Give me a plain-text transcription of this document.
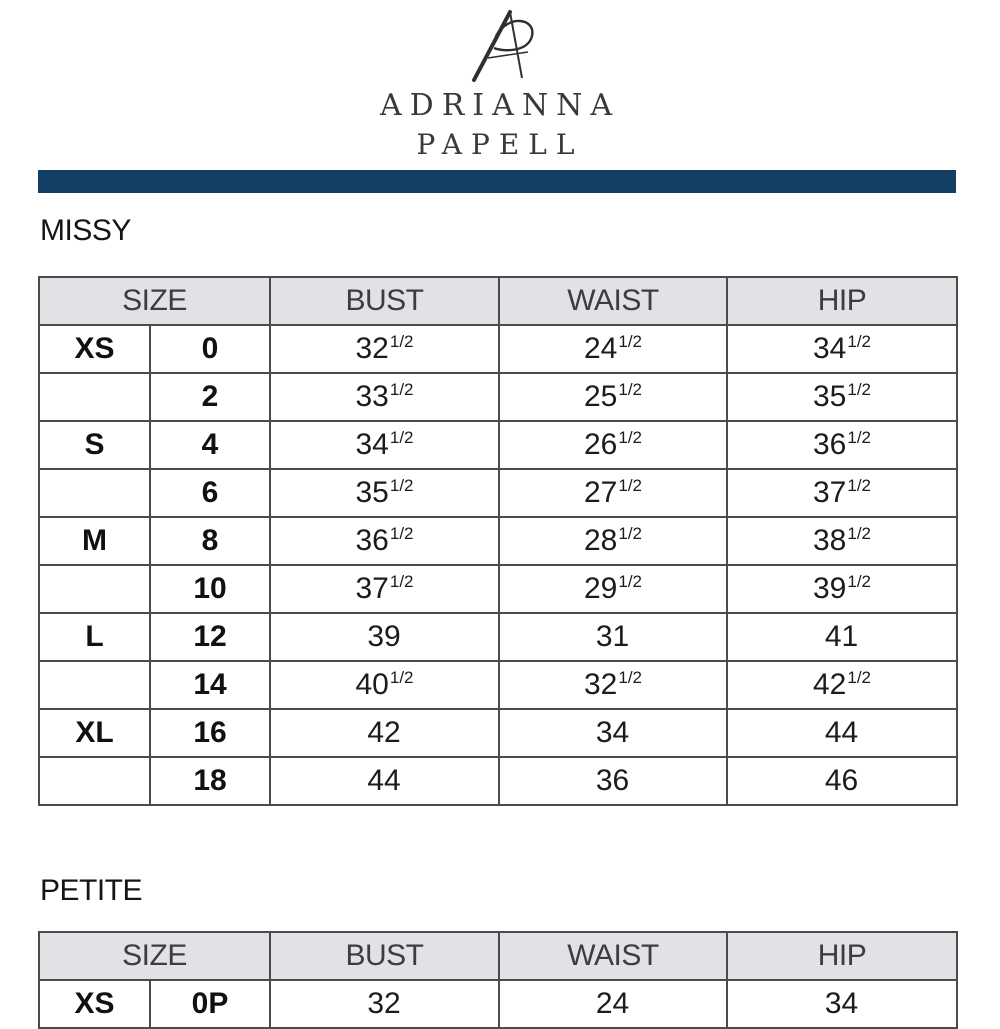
ADRIANNA
PAPELL
MISSY
SIZE		BUST	WAIST	HIP
XS	0	$32^{1/2}$	$24^{1/2}$	$34^{1/2}$
	2	$33^{1/2}$	$25^{1/2}$	$35^{1/2}$
S	4	$34^{1/2}$	$26^{1/2}$	$36^{1/2}$
	6	$35^{1/2}$	$27^{1/2}$	$37^{1/2}$
M	8	$36^{1/2}$	$28^{1/2}$	$38^{1/2}$
	10	$37^{1/2}$	$29^{1/2}$	$39^{1/2}$
L	12	39	31	41
	14	$40^{1/2}$	$32^{1/2}$	$42^{1/2}$
XL	16	42	34	44
	18	44	36	46
PETITE
SIZE		BUST	WAIST	HIP
XS	0P	32	24	34
